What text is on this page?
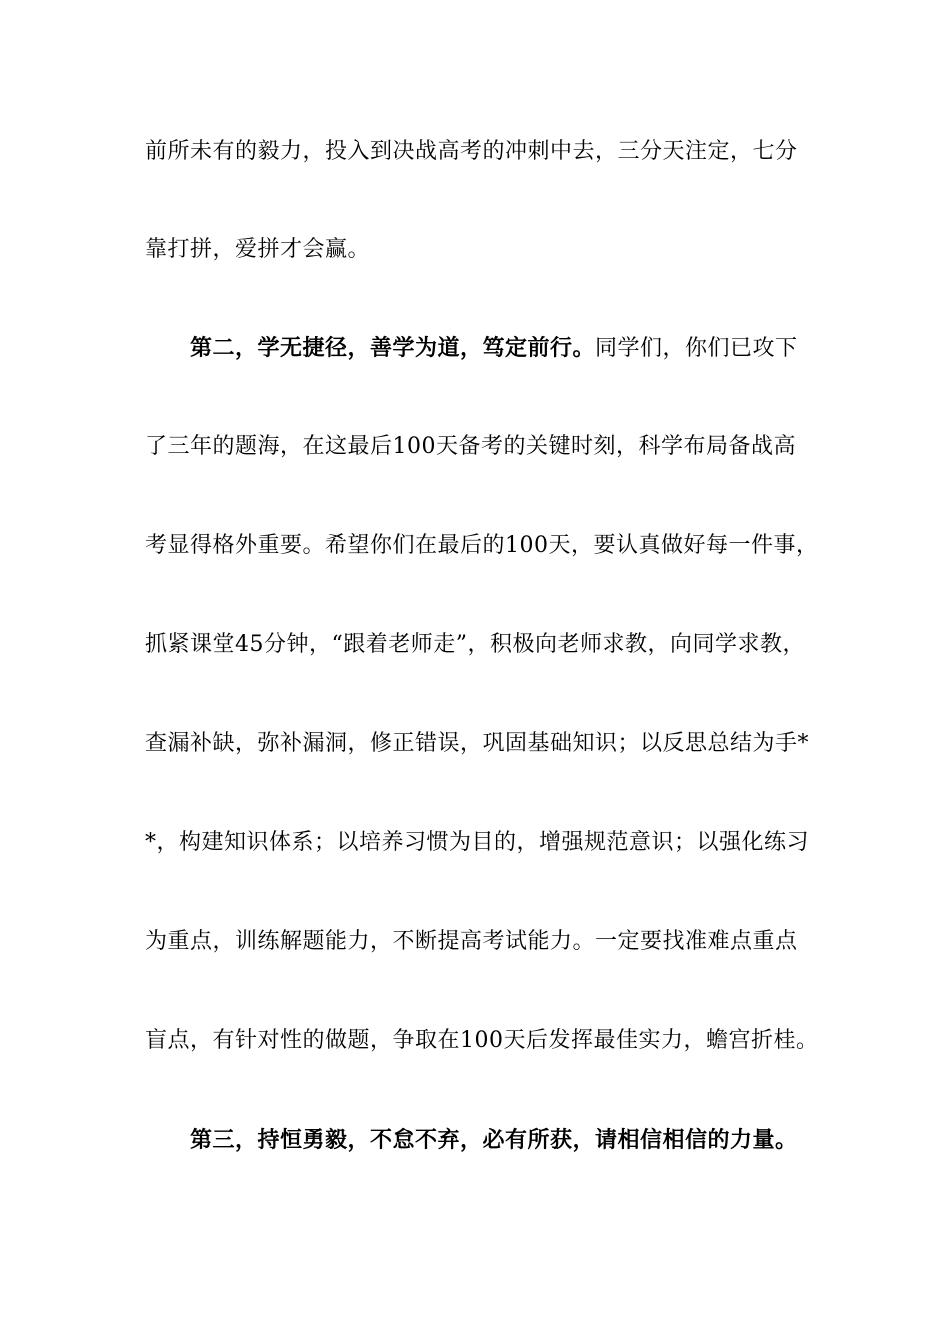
前所未有的毅力，投入到决战高考的冲刺中去，三分天注定，七分
靠打拼，爱拼才会赢。
第二，学无捷径，善学为道，笃定前行。同学们，你们已攻下
了三年的题海，在这最后100天备考的关键时刻，科学布局备战高
考显得格外重要。希望你们在最后的100天，要认真做好每一件事，
抓紧课堂45分钟，“跟着老师走”，积极向老师求教，向同学求教，
查漏补缺，弥补漏洞，修正错误，巩固基础知识；以反思总结为手*
*，构建知识体系；以培养习惯为目的，增强规范意识；以强化练习
为重点，训练解题能力，不断提高考试能力。一定要找准难点重点
盲点，有针对性的做题，争取在100天后发挥最佳实力，蟾宫折桂。
第三，持恒勇毅，不怠不弃，必有所获，请相信相信的力量。
